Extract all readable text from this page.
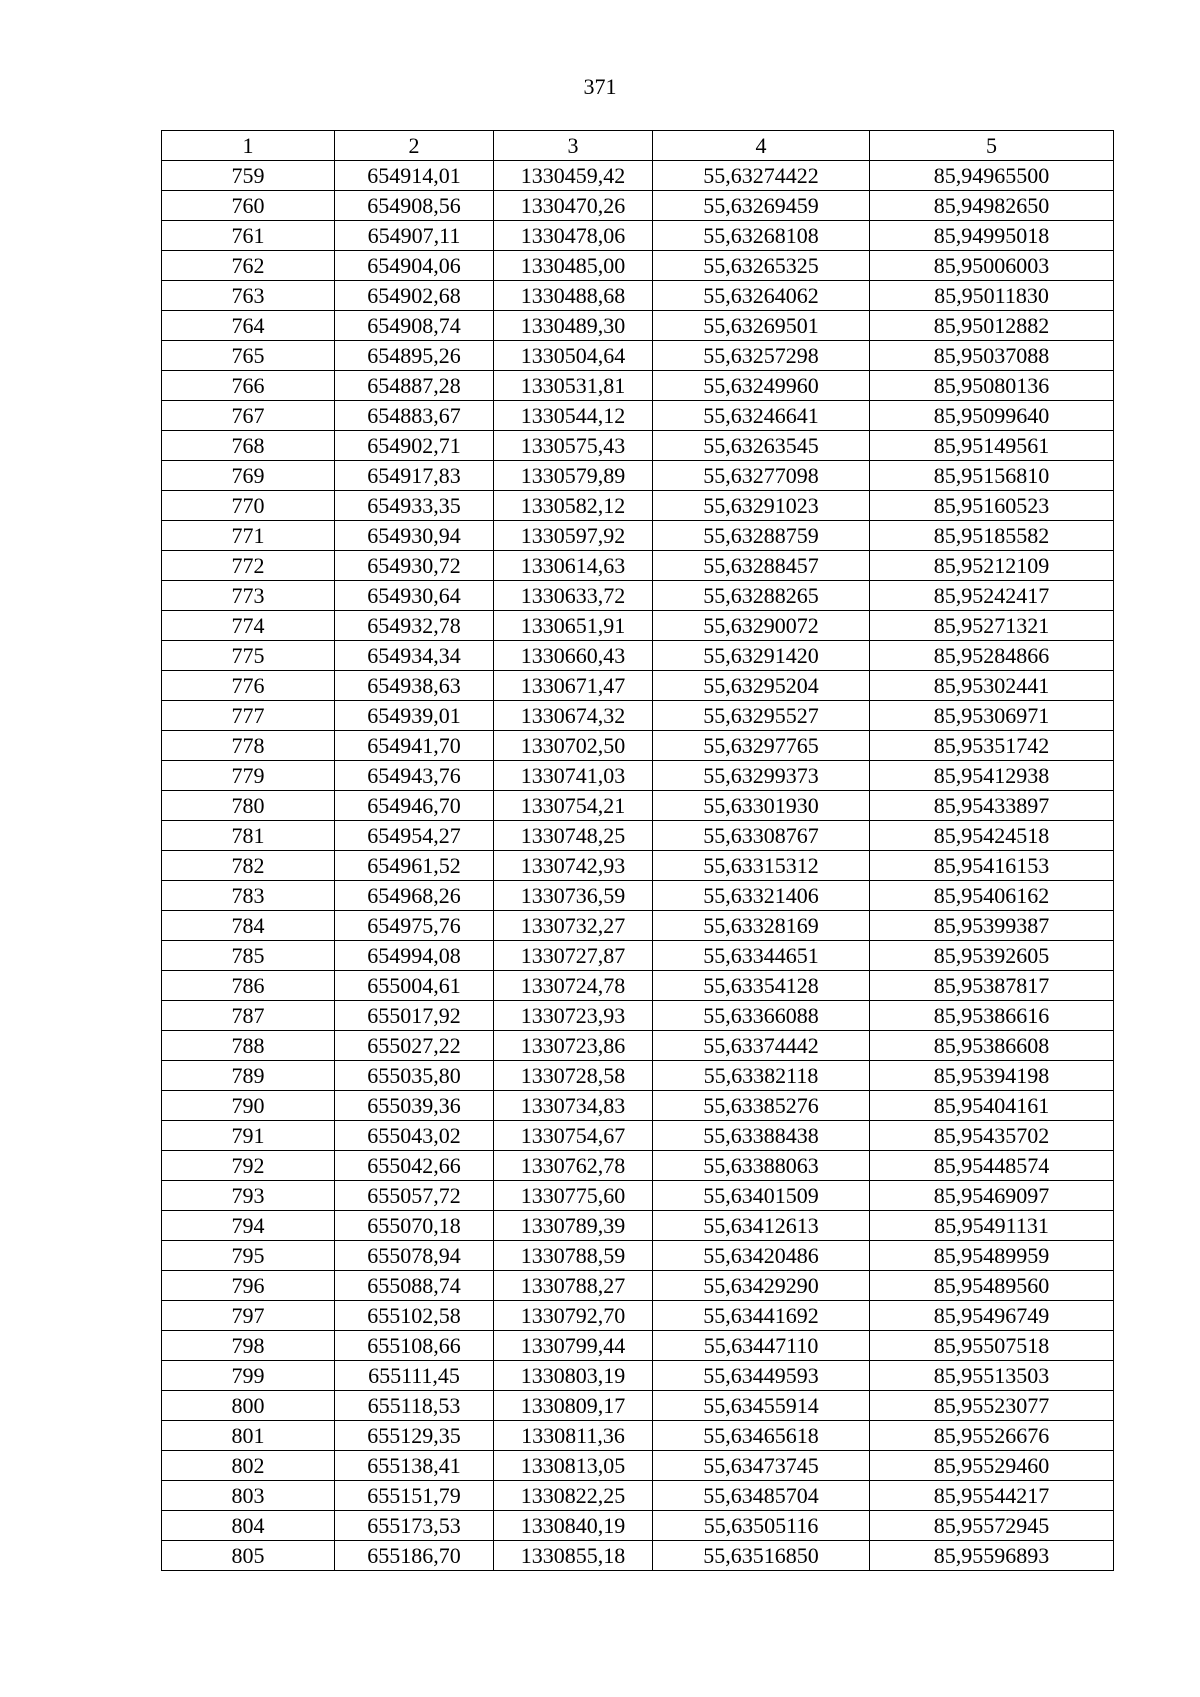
371
1	2	3	4	5
759	654914,01	1330459,42	55,63274422	85,94965500
760	654908,56	1330470,26	55,63269459	85,94982650
761	654907,11	1330478,06	55,63268108	85,94995018
762	654904,06	1330485,00	55,63265325	85,95006003
763	654902,68	1330488,68	55,63264062	85,95011830
764	654908,74	1330489,30	55,63269501	85,95012882
765	654895,26	1330504,64	55,63257298	85,95037088
766	654887,28	1330531,81	55,63249960	85,95080136
767	654883,67	1330544,12	55,63246641	85,95099640
768	654902,71	1330575,43	55,63263545	85,95149561
769	654917,83	1330579,89	55,63277098	85,95156810
770	654933,35	1330582,12	55,63291023	85,95160523
771	654930,94	1330597,92	55,63288759	85,95185582
772	654930,72	1330614,63	55,63288457	85,95212109
773	654930,64	1330633,72	55,63288265	85,95242417
774	654932,78	1330651,91	55,63290072	85,95271321
775	654934,34	1330660,43	55,63291420	85,95284866
776	654938,63	1330671,47	55,63295204	85,95302441
777	654939,01	1330674,32	55,63295527	85,95306971
778	654941,70	1330702,50	55,63297765	85,95351742
779	654943,76	1330741,03	55,63299373	85,95412938
780	654946,70	1330754,21	55,63301930	85,95433897
781	654954,27	1330748,25	55,63308767	85,95424518
782	654961,52	1330742,93	55,63315312	85,95416153
783	654968,26	1330736,59	55,63321406	85,95406162
784	654975,76	1330732,27	55,63328169	85,95399387
785	654994,08	1330727,87	55,63344651	85,95392605
786	655004,61	1330724,78	55,63354128	85,95387817
787	655017,92	1330723,93	55,63366088	85,95386616
788	655027,22	1330723,86	55,63374442	85,95386608
789	655035,80	1330728,58	55,63382118	85,95394198
790	655039,36	1330734,83	55,63385276	85,95404161
791	655043,02	1330754,67	55,63388438	85,95435702
792	655042,66	1330762,78	55,63388063	85,95448574
793	655057,72	1330775,60	55,63401509	85,95469097
794	655070,18	1330789,39	55,63412613	85,95491131
795	655078,94	1330788,59	55,63420486	85,95489959
796	655088,74	1330788,27	55,63429290	85,95489560
797	655102,58	1330792,70	55,63441692	85,95496749
798	655108,66	1330799,44	55,63447110	85,95507518
799	655111,45	1330803,19	55,63449593	85,95513503
800	655118,53	1330809,17	55,63455914	85,95523077
801	655129,35	1330811,36	55,63465618	85,95526676
802	655138,41	1330813,05	55,63473745	85,95529460
803	655151,79	1330822,25	55,63485704	85,95544217
804	655173,53	1330840,19	55,63505116	85,95572945
805	655186,70	1330855,18	55,63516850	85,95596893
